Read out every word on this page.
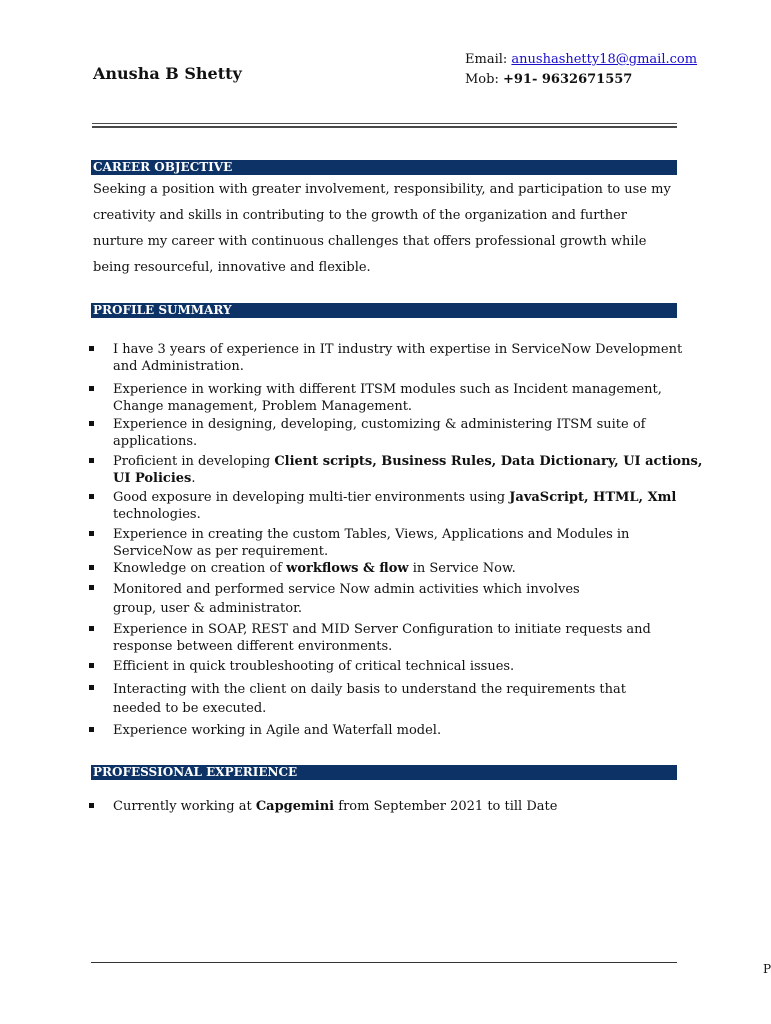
Anusha B Shetty
Email: anushashetty18@gmail.com
Mob: +91- 9632671557
CAREER OBJECTIVE
Seeking a position with greater involvement, responsibility, and participation to use my
creativity and skills in contributing to the growth of the organization and further
nurture my career with continuous challenges that offers professional growth while
being resourceful, innovative and flexible.
PROFILE SUMMARY
I have 3 years of experience in IT industry with expertise in ServiceNow Development and Administration.
Experience in working with different ITSM modules such as Incident management, Change management, Problem Management.
Experience in designing, developing, customizing & administering ITSM suite of applications.
Proficient in developing Client scripts, Business Rules, Data Dictionary, UI actions, UI Policies.
Good exposure in developing multi-tier environments using JavaScript, HTML, Xml technologies.
Experience in creating the custom Tables, Views, Applications and Modules in ServiceNow as per requirement.
Knowledge on creation of workflows & flow in Service Now.
Monitored and performed service Now admin activities which involves group, user & administrator.
Experience in SOAP, REST and MID Server Configuration to initiate requests and response between different environments.
Efficient in quick troubleshooting of critical technical issues.
Interacting with the client on daily basis to understand the requirements that needed to be executed.
Experience working in Agile and Waterfall model.
PROFESSIONAL EXPERIENCE
Currently working at Capgemini from September 2021 to till Date
P
